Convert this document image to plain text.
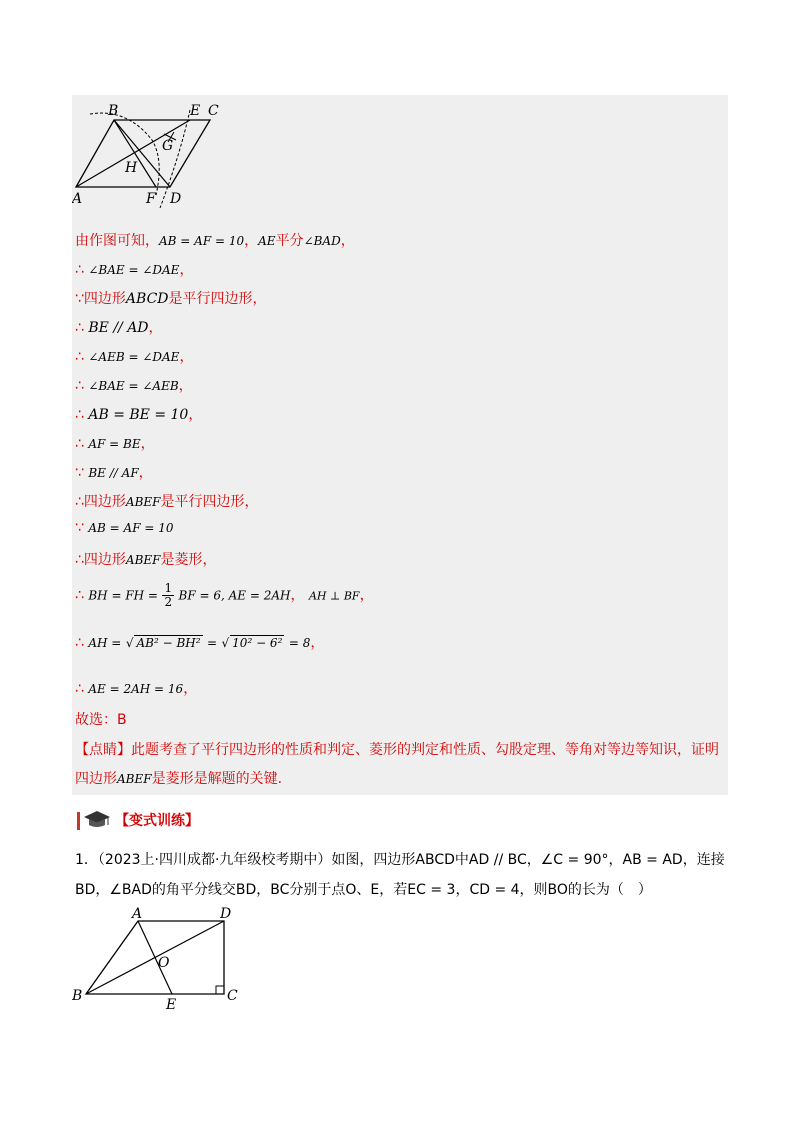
B	E C
G
H
A	F D
由作图可知，AB = AF = 10，AE平分∠BAD，
∴ ∠BAE = ∠DAE，
∵四边形ABCD是平行四边形，
∴ BE // AD，
∴ ∠AEB = ∠DAE，
∴ ∠BAE = ∠AEB，
∴ AB = BE = 10，
∴ AF = BE，
∵ BE // AF，
∴四边形ABEF是平行四边形，
∵ AB = AF = 10
∴四边形ABEF是菱形，
∴ BH = FH = $\frac{1}{2}$ BF = 6, AE = 2AH， AH ⊥ BF，
∴ AH = √ AB² − BH² = √ 10² − 6² = 8，
∴ AE = 2AH = 16，
故选：B
【点睛】此题考查了平行四边形的性质和判定、菱形的判定和性质、勾股定理、等角对等边等知识，证明
四边形ABEF是菱形是解题的关键.
【变式训练】
1．（2023上·四川成都·九年级校考期中）如图，四边形ABCD中AD // BC，∠C = 90°，AB = AD，连接
BD，∠BAD的角平分线交BD，BC分别于点O、E，若EC = 3，CD = 4，则BO的长为（　）
A	D
O
B
E
C
